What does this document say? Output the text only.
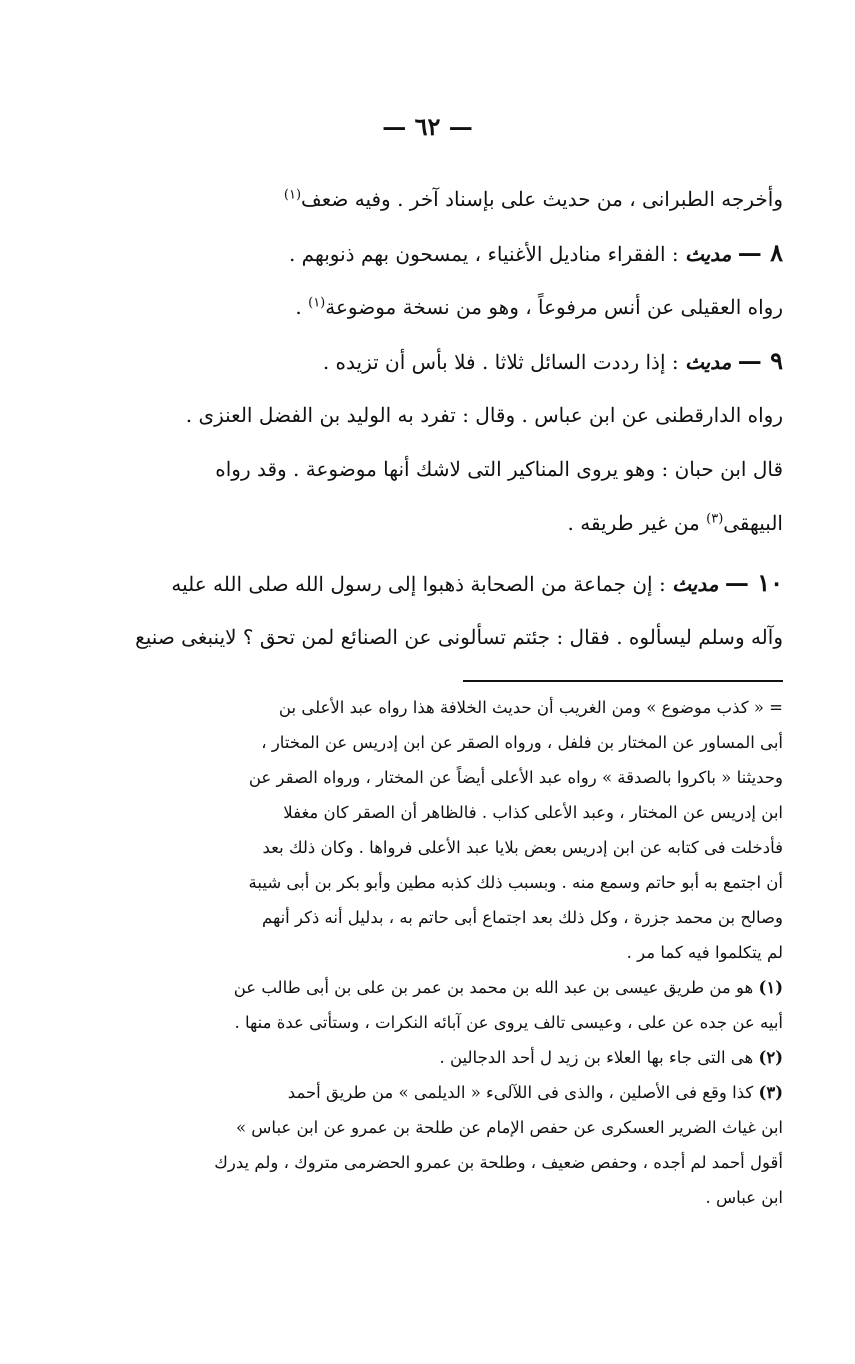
— ٦٢ —
وأخرجه الطبرانى ، من حديث على بإسناد آخر . وفيه ضعف$^{(١)}$
٨ — مديث : الفقراء مناديل الأغنياء ، يمسحون بهم ذنوبهم .
رواه العقيلى عن أنس مرفوعاً ، وهو من نسخة موضوعة$^{(١)}$ .
٩ — مديث : إذا رددت السائل ثلاثا . فلا بأس أن تزيده .
رواه الدارقطنى عن ابن عباس . وقال : تفرد به الوليد بن الفضل العنزى .
قال ابن حبان : وهو يروى المناكير التى لاشك أنها موضوعة . وقد رواه
البيهقى$^{(٣)}$ من غير طريقه .
١٠ — مديث : إن جماعة من الصحابة ذهبوا إلى رسول الله صلى الله عليه
وآله وسلم ليسألوه . فقال : جئتم تسألونى عن الصنائع لمن تحق ؟ لاينبغى صنيع
= « كذب موضوع » ومن الغريب أن حديث الخلافة هذا رواه عبد الأعلى بن
أبى المساور عن المختار بن فلفل ، ورواه الصقر عن ابن إدريس عن المختار ،
وحديثنا « باكروا بالصدقة » رواه عبد الأعلى أيضاً عن المختار ، ورواه الصقر عن
ابن إدريس عن المختار ، وعبد الأعلى كذاب . فالظاهر أن الصقر كان مغفلا
فأدخلت فى كتابه عن ابن إدريس بعض بلايا عبد الأعلى فرواها . وكان ذلك بعد
أن اجتمع به أبو حاتم وسمع منه . وبسبب ذلك كذبه مطين وأبو بكر بن أبى شيبة
وصالح بن محمد جزرة ، وكل ذلك بعد اجتماع أبى حاتم به ، بدليل أنه ذكر أنهم
لم يتكلموا فيه كما مر .
(١) هو من طريق عيسى بن عبد الله بن محمد بن عمر بن على بن أبى طالب عن
أبيه عن جده عن على ، وعيسى تالف يروى عن آبائه النكرات ، وستأتى عدة منها .
(٢) هى التى جاء بها العلاء بن زيد ل أحد الدجالين .
(٣) كذا وقع فى الأصلين ، والذى فى اللآلىء « الديلمى » من طريق أحمد
ابن غياث الضرير العسكرى عن حفص الإمام عن طلحة بن عمرو عن ابن عباس »
أقول أحمد لم أجده ، وحفص ضعيف ، وطلحة بن عمرو الحضرمى متروك ، ولم يدرك
ابن عباس .
